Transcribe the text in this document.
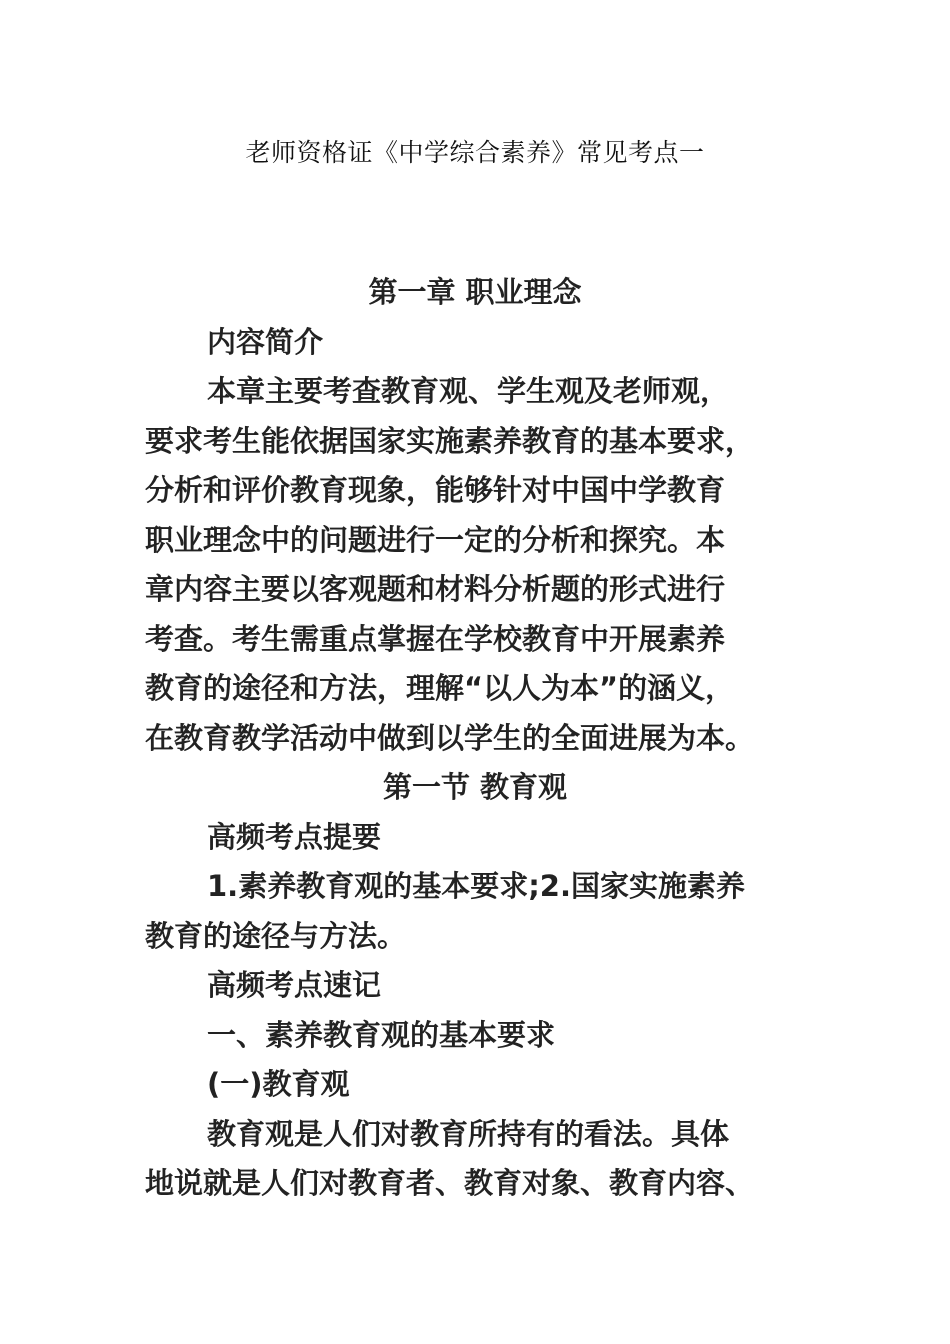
老师资格证《中学综合素养》常见考点一

第一章 职业理念

内容简介

本章主要考查教育观、学生观及老师观，
要求考生能依据国家实施素养教育的基本要求，
分析和评价教育现象，能够针对中国中学教育
职业理念中的问题进行一定的分析和探究。本
章内容主要以客观题和材料分析题的形式进行
考查。考生需重点掌握在学校教育中开展素养
教育的途径和方法，理解“以人为本”的涵义，
在教育教学活动中做到以学生的全面进展为本。

第一节 教育观

高频考点提要

1.素养教育观的基本要求;2.国家实施素养
教育的途径与方法。

高频考点速记

一、素养教育观的基本要求

(一)教育观

教育观是人们对教育所持有的看法。具体
地说就是人们对教育者、教育对象、教育内容、
